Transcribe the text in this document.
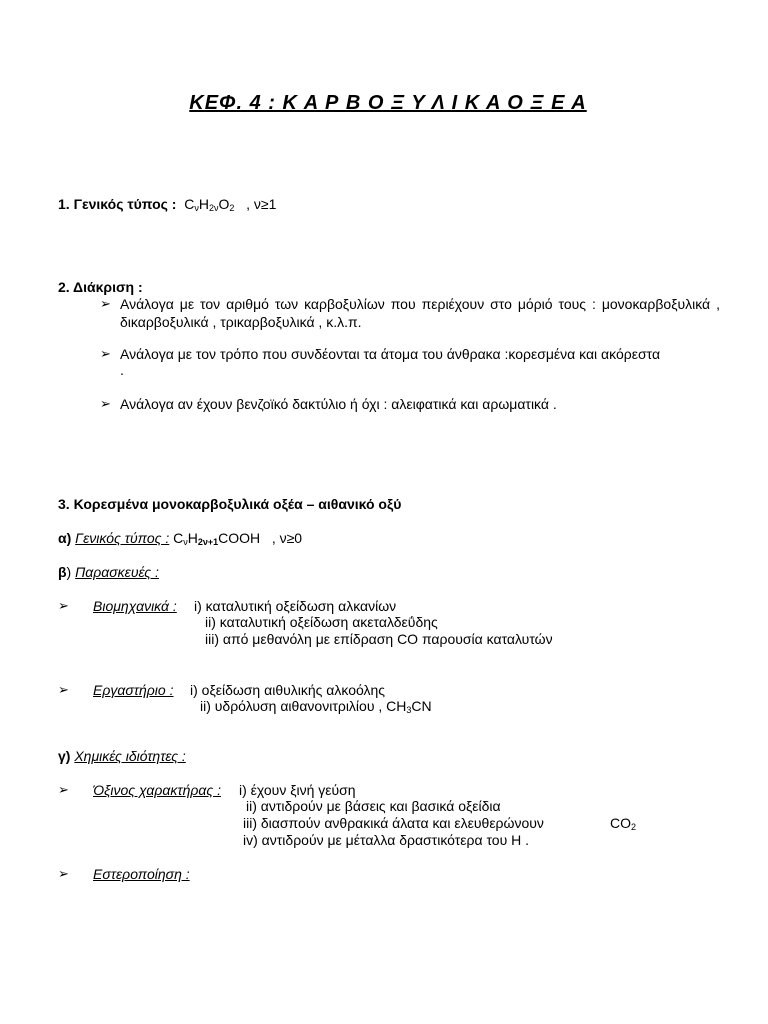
ΚΕΦ. 4 : Κ Α Ρ Β Ο Ξ Υ Λ Ι Κ Α Ο Ξ Ε Α
1. Γενικός τύπος : $C_\nu H_{2\nu}O_2$ , ν≥1
2. Διάκριση :
➢ Ανάλογα με τον αριθμό των καρβοξυλίων που περιέχουν στο μόριό τους : μονοκαρβοξυλικά , δικαρβοξυλικά , τρικαρβοξυλικά , κ.λ.π.
➢ Ανάλογα με τον τρόπο που συνδέονται τα άτομα του άνθρακα :κορεσμένα και ακόρεστα
.
➢ Ανάλογα αν έχουν βενζοϊκό δακτύλιο ή όχι : αλειφατικά και αρωματικά .
3. Κορεσμένα μονοκαρβοξυλικά οξέα – αιθανικό οξύ
α) Γενικός τύπος : $C_\nu H_{2\nu+1}COOH$ , ν≥0
β) Παρασκευές :
➢ Βιομηχανικά : i) καταλυτική οξείδωση αλκανίων
ii) καταλυτική οξείδωση ακεταλδεΰδης
iii) από μεθανόλη με επίδραση CO παρουσία καταλυτών
➢ Εργαστήριο : i) οξείδωση αιθυλικής αλκοόλης
ii) υδρόλυση αιθανονιτριλίου , $CH_3CN$
γ) Χημικές ιδιότητες :
➢ Όξινος χαρακτήρας : i) έχουν ξινή γεύση
ii) αντιδρούν με βάσεις και βασικά οξείδια
iii) διασπούν ανθρακικά άλατα και ελευθερώνουν	$CO_2$
iv) αντιδρούν με μέταλλα δραστικότερα του Η .
➢ Εστεροποίηση :
